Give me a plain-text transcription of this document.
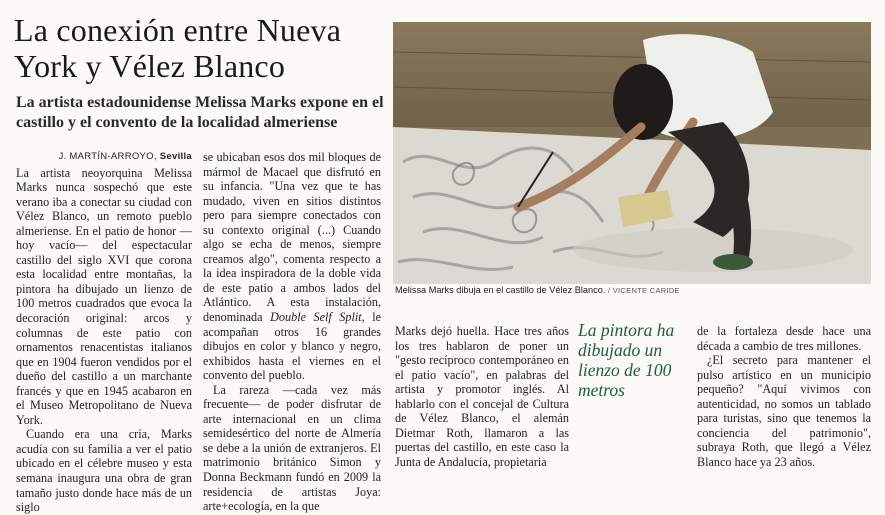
La conexión entre Nueva York y Vélez Blanco
La artista estadounidense Melissa Marks expone en el castillo y el convento de la localidad almeriense
J. MARTÍN-ARROYO, Sevilla

La artista neoyorquina Melissa Marks nunca sospechó que este verano iba a conectar su ciudad con Vélez Blanco, un remoto pueblo almeriense. En el patio de honor —hoy vacío— del espectacular castillo del siglo XVI que corona esta localidad entre montañas, la pintora ha dibujado un lienzo de 100 metros cuadrados que evoca la decoración original: arcos y columnas de este patio con ornamentos renacentistas italianos que en 1904 fueron vendidos por el dueño del castillo a un marchante francés y que en 1945 acabaron en el Museo Metropolitano de Nueva York.

Cuando era una cría, Marks acudía con su familia a ver el patio ubicado en el célebre museo y esta semana inaugura una obra de gran tamaño justo donde hace más de un siglo

se ubicaban esos dos mil bloques de mármol de Macael que disfrutó en su infancia. "Una vez que te has mudado, viven en sitios distintos pero para siempre conectados con su contexto original (...) Cuando algo se echa de menos, siempre creamos algo", comenta respecto a la idea inspiradora de la doble vida de este patio a ambos lados del Atlántico. A esta instalación, denominada Double Self Split, le acompañan otros 16 grandes dibujos en color y blanco y negro, exhibidos hasta el viernes en el convento del pueblo.

La rareza —cada vez más frecuente— de poder disfrutar de arte internacional en un clima semidesértico del norte de Almería se debe a la unión de extranjeros. El matrimonio británico Simon y Donna Beckmann fundó en 2009 la residencia de artistas Joya: arte+ecología, en la que

Melissa Marks dibuja en el castillo de Vélez Blanco. / VICENTE CARIDE

Marks dejó huella. Hace tres años los tres hablaron de poner un "gesto recíproco contemporáneo en el patio vacío", en palabras del artista y promotor inglés. Al hablarlo con el concejal de Cultura de Vélez Blanco, el alemán Dietmar Roth, llamaron a las puertas del castillo, en este caso la Junta de Andalucía, propietaria

La pintora ha dibujado un lienzo de 100 metros

de la fortaleza desde hace una década a cambio de tres millones.

¿El secreto para mantener el pulso artístico en un municipio pequeño? "Aquí vivimos con autenticidad, no somos un tablado para turistas, sino que tenemos la conciencia del patrimonio", subraya Roth, que llegó a Vélez Blanco hace ya 23 años.
